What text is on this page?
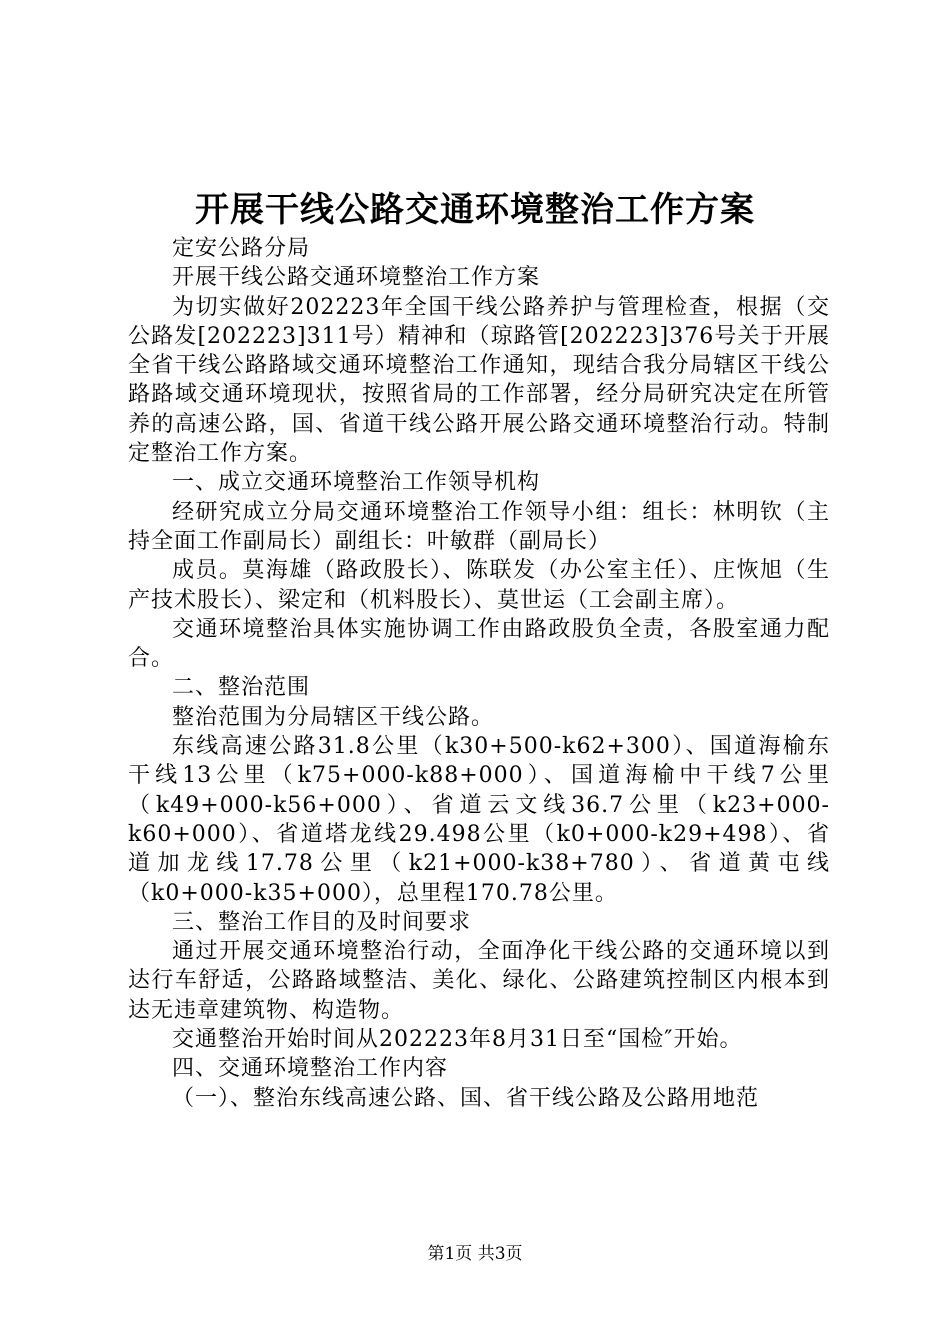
开展干线公路交通环境整治工作方案

定安公路分局

开展干线公路交通环境整治工作方案

为切实做好202223年全国干线公路养护与管理检查，根据（交公路发[202223]311号）精神和（琼路管[202223]376号关于开展全省干线公路路域交通环境整治工作通知，现结合我分局辖区干线公路路域交通环境现状，按照省局的工作部署，经分局研究决定在所管养的高速公路，国、省道干线公路开展公路交通环境整治行动。特制定整治工作方案。

一、成立交通环境整治工作领导机构

经研究成立分局交通环境整治工作领导小组：组长：林明钦（主持全面工作副局长）副组长：叶敏群（副局长）

成员。莫海雄（路政股长）、陈联发（办公室主任）、庄恢旭（生产技术股长）、梁定和（机料股长）、莫世运（工会副主席）。

交通环境整治具体实施协调工作由路政股负全责，各股室通力配合。

二、整治范围

整治范围为分局辖区干线公路。

东线高速公路31.8公里（k30+500-k62+300）、国道海榆东干线13公里（k75+000-k88+000）、国道海榆中干线7公里（k49+000-k56+000）、省道云文线36.7公里（k23+000-k60+000）、省道塔龙线29.498公里（k0+000-k29+498）、省道加龙线17.78公里（k21+000-k38+780）、省道黄屯线（k0+000-k35+000），总里程170.78公里。

三、整治工作目的及时间要求

通过开展交通环境整治行动，全面净化干线公路的交通环境以到达行车舒适，公路路域整洁、美化、绿化、公路建筑控制区内根本到达无违章建筑物、构造物。

交通整治开始时间从202223年8月31日至“国检″开始。

四、交通环境整治工作内容

（一）、整治东线高速公路、国、省干线公路及公路用地范

第1页 共3页
